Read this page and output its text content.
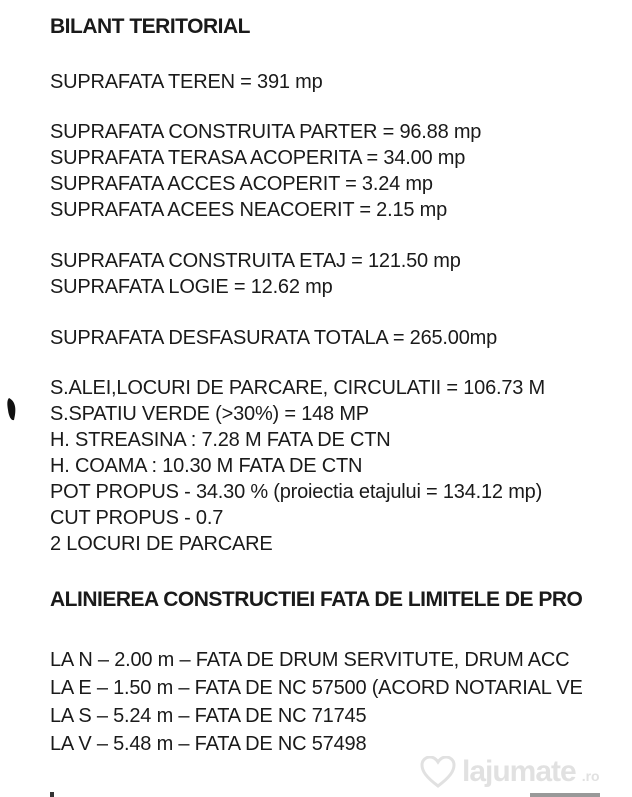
BILANT TERITORIAL
SUPRAFATA TEREN = 391 mp
SUPRAFATA CONSTRUITA PARTER = 96.88 mp
SUPRAFATA TERASA ACOPERITA = 34.00 mp
SUPRAFATA ACCES ACOPERIT = 3.24 mp
SUPRAFATA ACEES NEACOERIT = 2.15 mp
SUPRAFATA CONSTRUITA ETAJ = 121.50 mp
SUPRAFATA LOGIE = 12.62 mp
SUPRAFATA DESFASURATA TOTALA = 265.00mp
S.ALEI,LOCURI DE PARCARE, CIRCULATII = 106.73 M
S.SPATIU VERDE (>30%) = 148 MP
H. STREASINA : 7.28 M FATA DE CTN
H. COAMA : 10.30 M FATA DE CTN
POT PROPUS - 34.30 % (proiectia etajului = 134.12 mp)
CUT PROPUS - 0.7
2 LOCURI DE PARCARE
ALINIEREA CONSTRUCTIEI FATA DE LIMITELE DE PRO
LA N – 2.00 m – FATA DE DRUM SERVITUTE, DRUM ACC
LA E – 1.50 m – FATA DE NC 57500 (ACORD NOTARIAL VE
LA S – 5.24 m – FATA DE NC 71745
LA V – 5.48 m – FATA DE NC 57498
lajumate .ro
